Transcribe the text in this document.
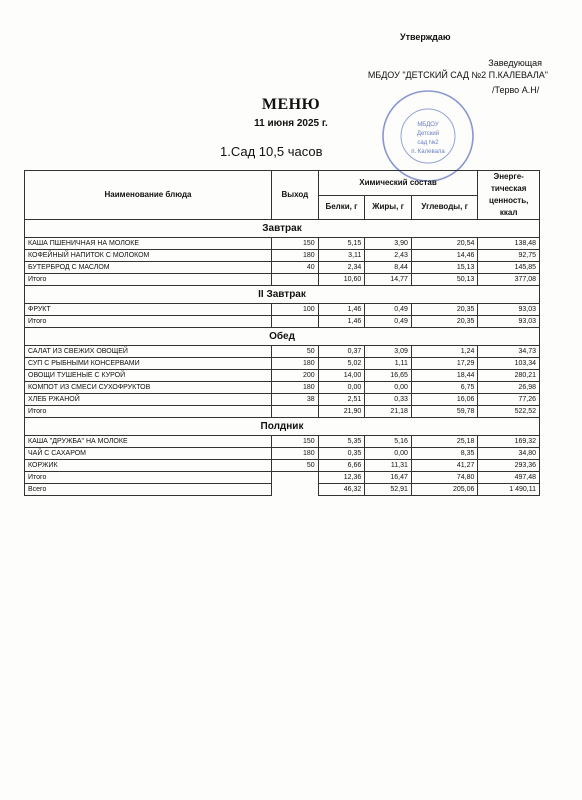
Утверждаю
Заведующая
МБДОУ "ДЕТСКИЙ САД №2 П.КАЛЕВАЛА"
/Терво А.Н/
МБДОУ
Детский
сад №2
п. Калевала
МЕНЮ
11 июня 2025 г.
1.Сад 10,5 часов
Наименование блюда	Выход	Химический состав			Энерге-тическая ценность, ккал
		Белки, г	Жиры, г	Углеводы, г	
Завтрак					
КАША ПШЕНИЧНАЯ НА МОЛОКЕ	150	5,15	3,90	20,54	138,48
КОФЕЙНЫЙ НАПИТОК С МОЛОКОМ	180	3,11	2,43	14,46	92,75
БУТЕРБРОД С МАСЛОМ	40	2,34	8,44	15,13	145,85
Итого		10,60	14,77	50,13	377,08
II Завтрак					
ФРУКТ	100	1,46	0,49	20,35	93,03
Итого		1,46	0,49	20,35	93,03
Обед					
САЛАТ ИЗ СВЕЖИХ ОВОЩЕЙ	50	0,37	3,09	1,24	34,73
СУП С РЫБНЫМИ КОНСЕРВАМИ	180	5,02	1,11	17,29	103,34
ОВОЩИ ТУШЕНЫЕ С КУРОЙ	200	14,00	16,65	18,44	280,21
КОМПОТ ИЗ СМЕСИ СУХОФРУКТОВ	180	0,00	0,00	6,75	26,98
ХЛЕБ РЖАНОЙ	38	2,51	0,33	16,06	77,26
Итого		21,90	21,18	59,78	522,52
Полдник					
КАША "ДРУЖБА" НА МОЛОКЕ	150	5,35	5,16	25,18	169,32
ЧАЙ С САХАРОМ	180	0,35	0,00	8,35	34,80
КОРЖИК	50	6,66	11,31	41,27	293,36
Итого		12,36	16,47	74,80	497,48
Всего		46,32	52,91	205,06	1 490,11
